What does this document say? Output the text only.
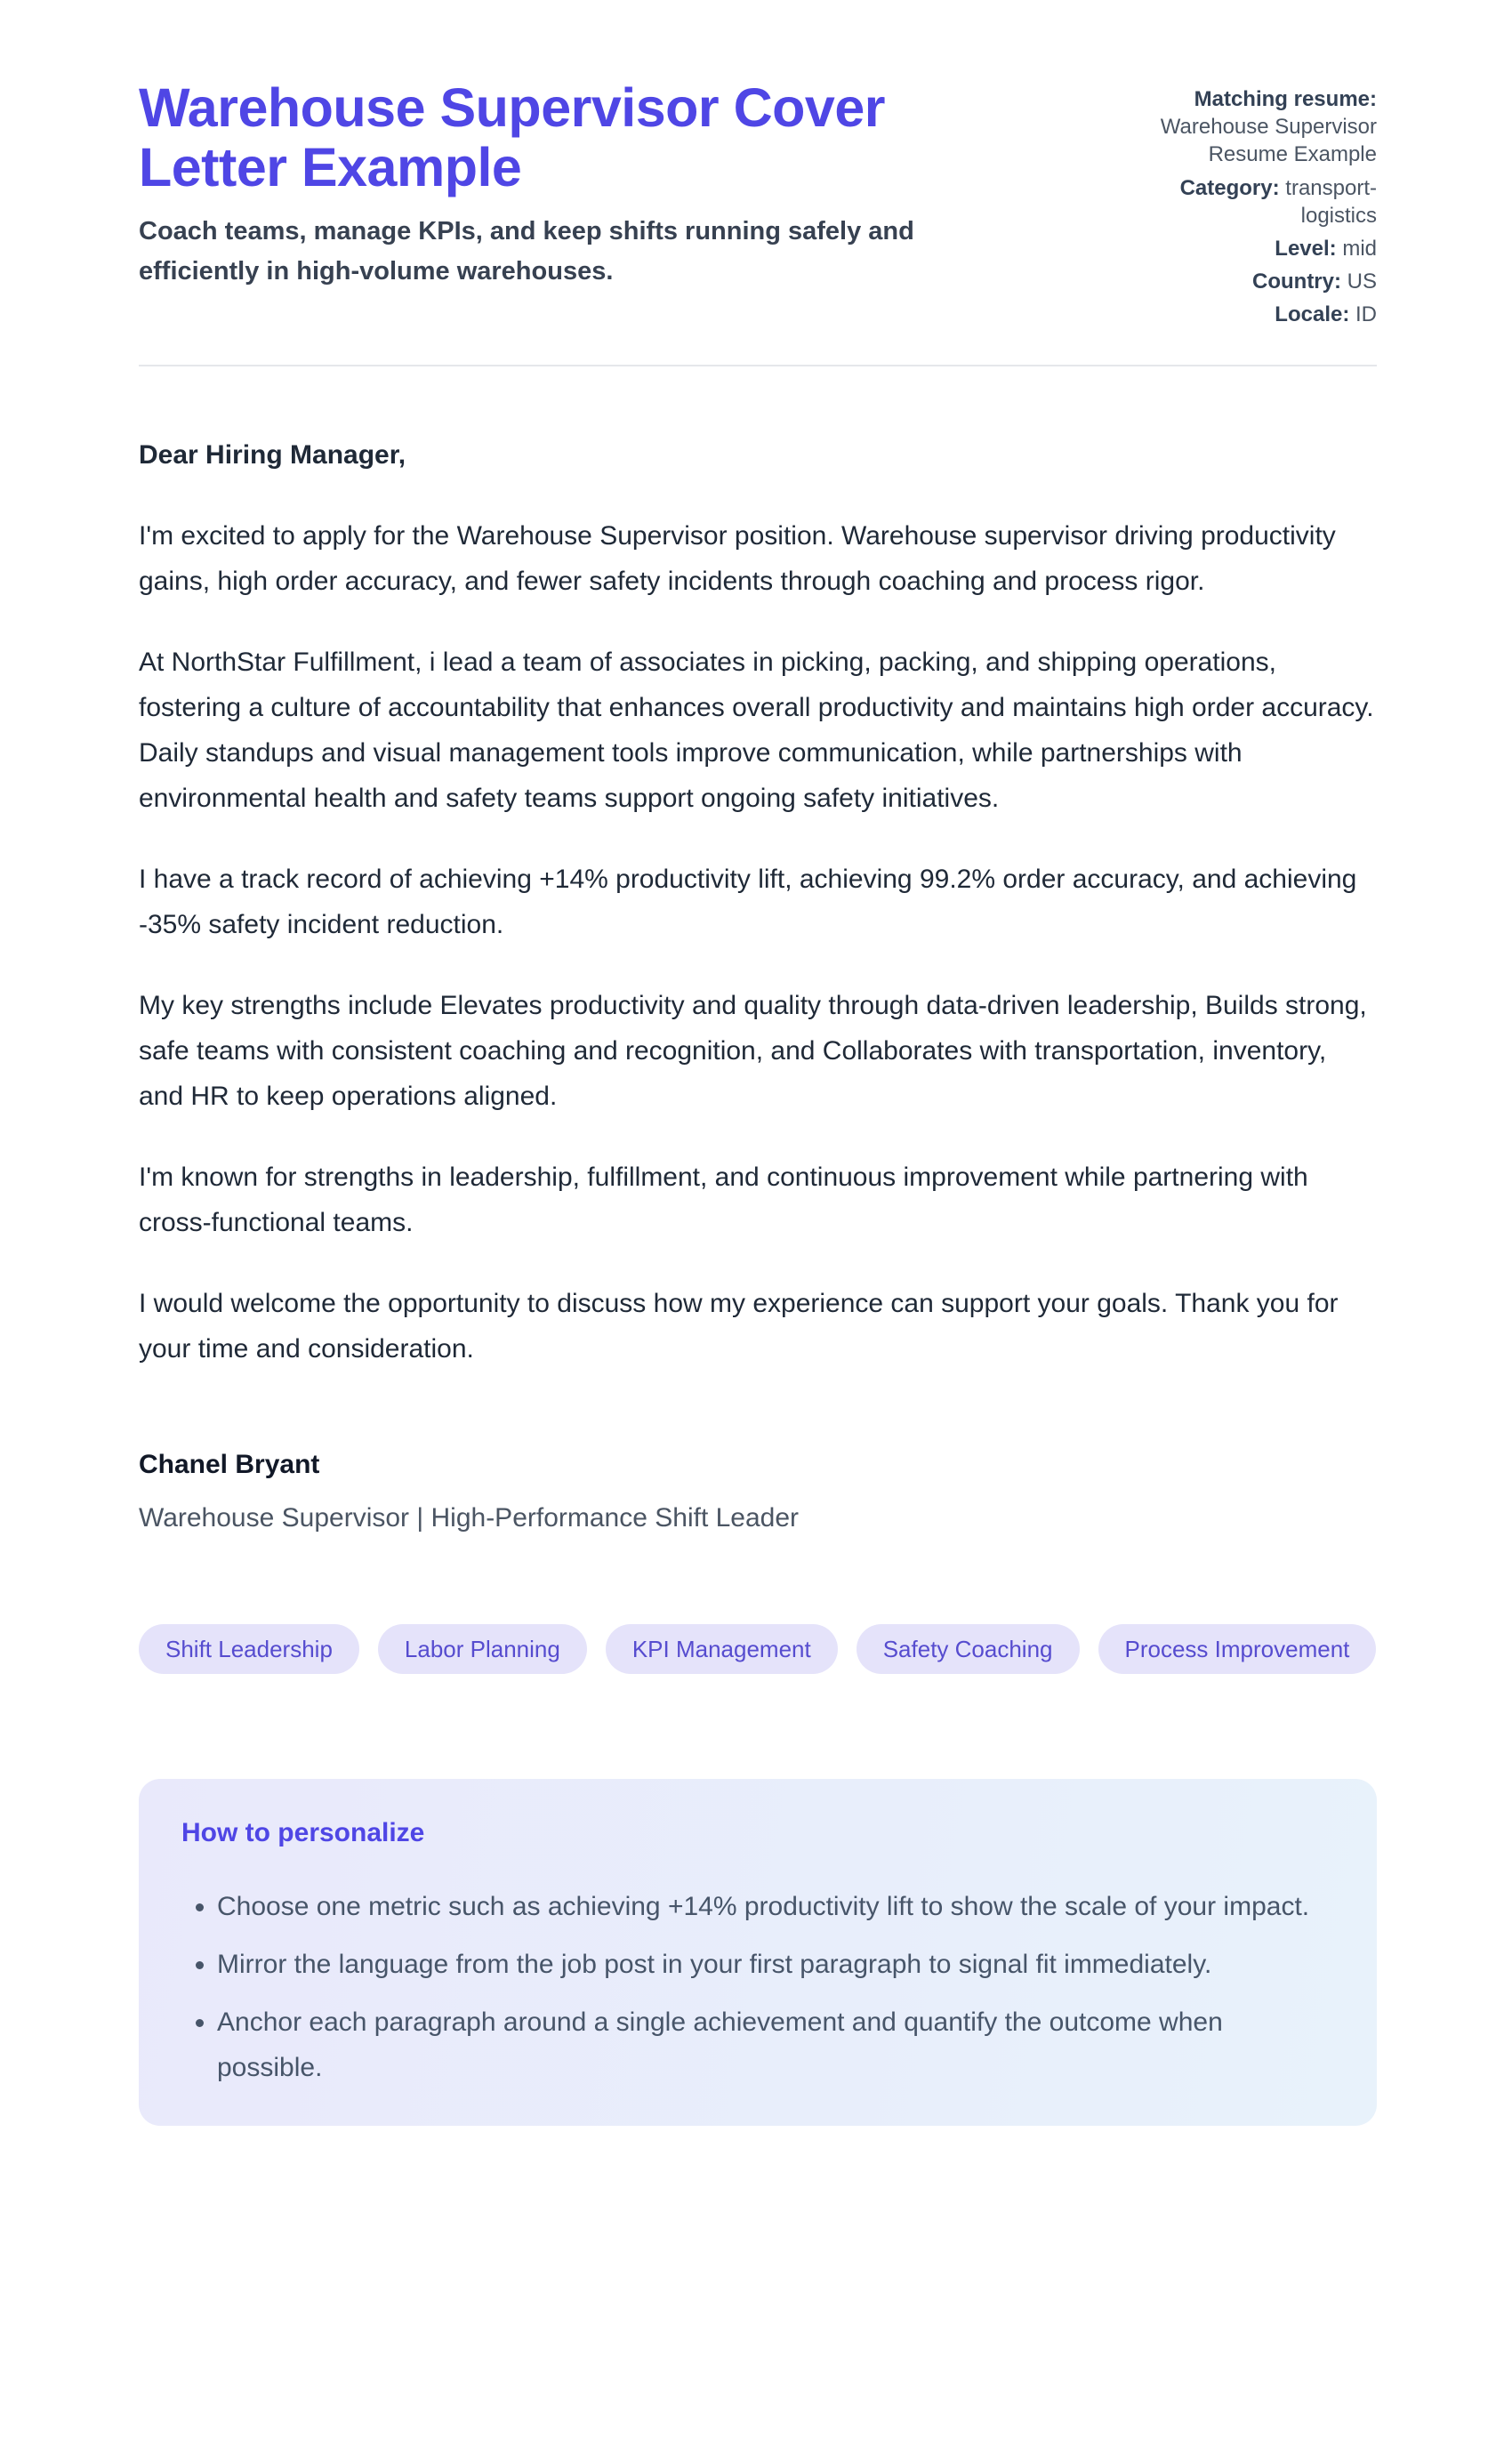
Warehouse Supervisor Cover Letter Example

Coach teams, manage KPIs, and keep shifts running safely and efficiently in high-volume warehouses.

Matching resume: Warehouse Supervisor Resume Example
Category: transport-logistics
Level: mid
Country: US
Locale: ID

Dear Hiring Manager,

I'm excited to apply for the Warehouse Supervisor position. Warehouse supervisor driving productivity gains, high order accuracy, and fewer safety incidents through coaching and process rigor.

At NorthStar Fulfillment, i lead a team of associates in picking, packing, and shipping operations, fostering a culture of accountability that enhances overall productivity and maintains high order accuracy. Daily standups and visual management tools improve communication, while partnerships with environmental health and safety teams support ongoing safety initiatives.

I have a track record of achieving +14% productivity lift, achieving 99.2% order accuracy, and achieving -35% safety incident reduction.

My key strengths include Elevates productivity and quality through data-driven leadership, Builds strong, safe teams with consistent coaching and recognition, and Collaborates with transportation, inventory, and HR to keep operations aligned.

I'm known for strengths in leadership, fulfillment, and continuous improvement while partnering with cross-functional teams.

I would welcome the opportunity to discuss how my experience can support your goals. Thank you for your time and consideration.

Chanel Bryant
Warehouse Supervisor | High-Performance Shift Leader
Shift Leadership	Labor Planning	KPI Management	Safety Coaching	Process Improvement
How to personalize
• Choose one metric such as achieving +14% productivity lift to show the scale of your impact.
• Mirror the language from the job post in your first paragraph to signal fit immediately.
• Anchor each paragraph around a single achievement and quantify the outcome when possible.
